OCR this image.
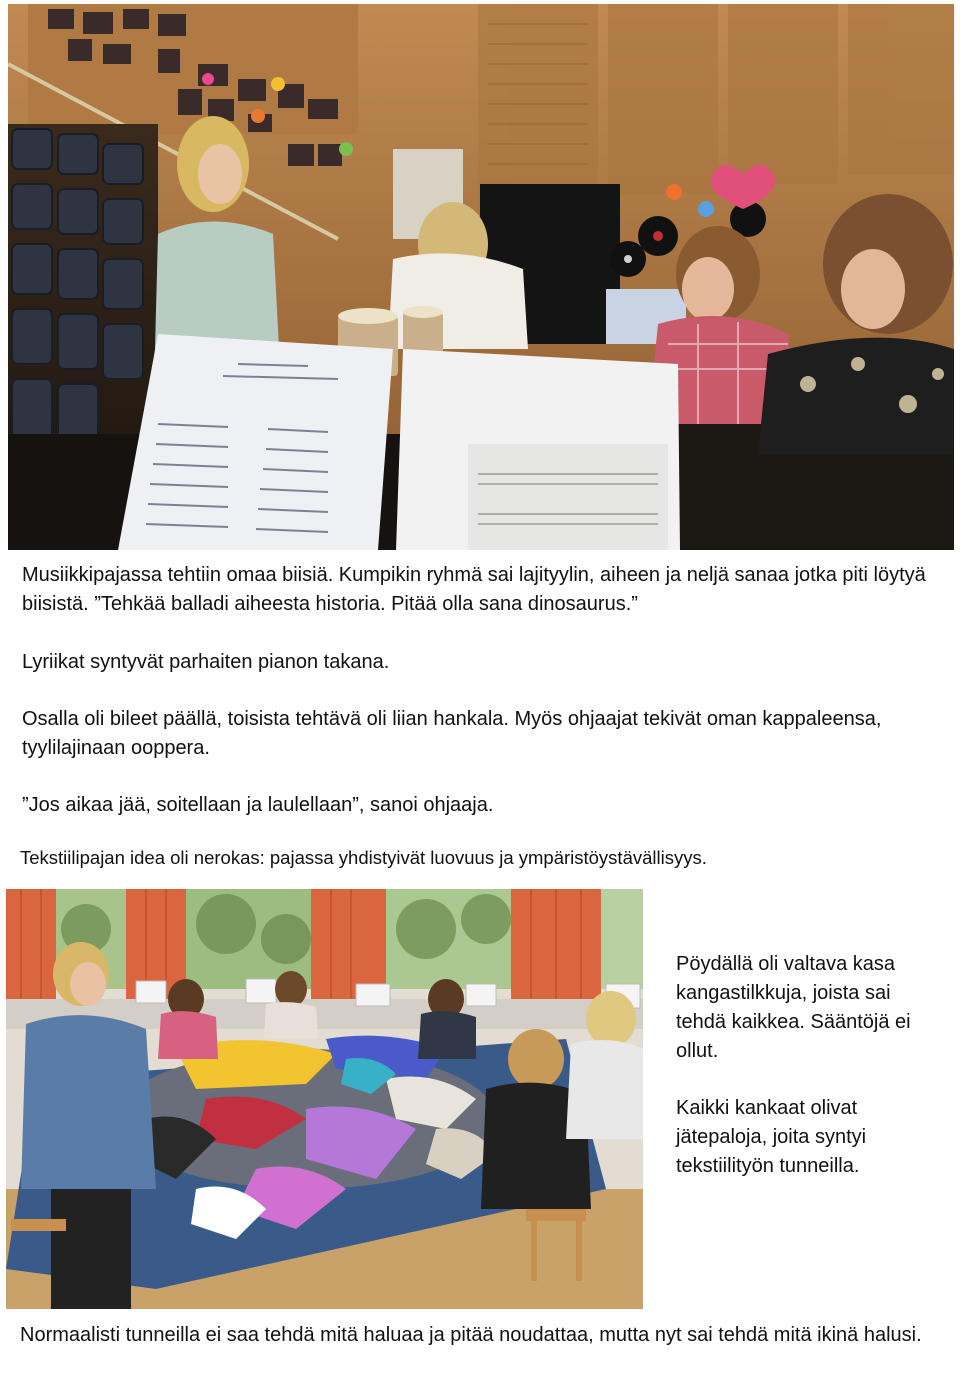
Musiikkipajassa tehtiin omaa biisiä. Kumpikin ryhmä sai lajityylin, aiheen ja neljä sanaa jotka piti löytyä biisistä. ”Tehkää balladi aiheesta historia. Pitää olla sana dinosaurus.”

Lyriikat syntyvät parhaiten pianon takana.

Osalla oli bileet päällä, toisista tehtävä oli liian hankala. Myös ohjaajat tekivät oman kappaleensa, tyylilajinaan ooppera.

”Jos aikaa jää, soitellaan ja laulellaan”, sanoi ohjaaja.

Tekstiilipajan idea oli nerokas: pajassa yhdistyivät luovuus ja ympäristöystävällisyys.

Pöydällä oli valtava kasa kangastilkkuja, joista sai tehdä kaikkea. Sääntöjä ei ollut.

Kaikki kankaat olivat jätepaloja, joita syntyi tekstiilityön tunneilla.

Normaalisti tunneilla ei saa tehdä mitä haluaa ja pitää noudattaa, mutta nyt sai tehdä mitä ikinä halusi.
